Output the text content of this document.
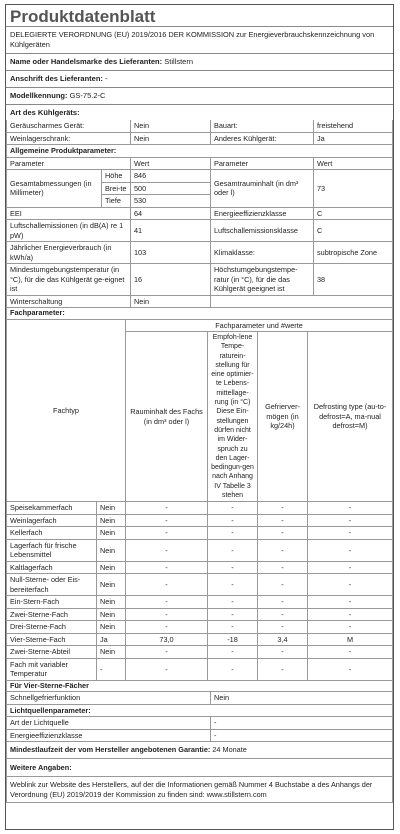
Produktdatenblatt
DELEGIERTE VERORDNUNG (EU) 2019/2016 DER KOMMISSION zur Energieverbrauchskennzeichnung von Kühlgeräten
Name oder Handelsmarke des Lieferanten: Stillstern
Anschrift des Lieferanten: -
Modellkennung: GS-75.2-C
Art des Kühlgeräts:
Geräuscharmes Gerät:		Nein	Bauart:	freistehend
Weinlagerschrank:		Nein	Anderes Kühlgerät:	Ja
Allgemeine Produktparameter:				
Parameter		Wert	Parameter	Wert
Gesamtabmessungen (in Millimeter)	Höhe	846	Gesamtrauminhalt (in dm³ oder l)	73
	Brei-te	500		
	Tiefe	530		
EEI		64	Energieeffizienzklasse	C
Luftschallemissionen (in dB(A) re 1 pW)		41	Luftschallemissionsklasse	C
Jährlicher Energieverbrauch (in kWh/a)		103	Klimaklasse:	subtropische Zone
Mindestumgebungstemperatur (in °C), für die das Kühlgerät ge-eignet ist		16	Höchstumgebungstempe-ratur (in °C), für die das Kühlgerät geeignet ist	38
Winterschaltung		Nein		
Fachparameter:					
Fachtyp		Fachparameter und #werte			
		Rauminhalt des Fachs (in dm³ oder l)	Empfoh-lene Tempe-raturein-stellung für eine optimier-te Lebens-mittellage-rung (in °C) Diese Ein-stellungen dürfen nicht im Wider-spruch zu den Lager-bedingun-gen nach Anhang IV Tabelle 3 stehen	Gefrierver-mögen (in kg/24h)	Defrosting type (au-to-defrost=A, ma-nual defrost=M)
Speisekammerfach	Nein	-	-	-	-
Weinlagerfach	Nein	-	-	-	-
Kellerfach	Nein	-	-	-	-
Lagerfach für frische Lebensmittel	Nein	-	-	-	-
Kaltlagerfach	Nein	-	-	-	-
Null-Sterne- oder Eis-bereiterfach	Nein	-	-	-	-
Ein-Stern-Fach	Nein	-	-	-	-
Zwei-Sterne-Fach	Nein	-	-	-	-
Drei-Sterne-Fach	Nein	-	-	-	-
Vier-Sterne-Fach	Ja	73,0	-18	3,4	M
Zwei-Sterne-Abteil	Nein	-	-	-	-
Fach mit variabler Temperatur	-	-	-	-	-
Für Vier-Sterne-Fächer	
Schnellgefrierfunktion	Nein
Lichtquellenparameter:	
Art der Lichtquelle	-
Energieeffizienzklasse	-
Mindestlaufzeit der vom Hersteller angebotenen Garantie: 24 Monate	
Weitere Angaben:	
Weblink zur Website des Herstellers, auf der die Informationen gemäß Nummer 4 Buchstabe a des Anhangs der Verordnung (EU) 2019/2019 der Kommission zu finden sind: www.stillstern.com	
